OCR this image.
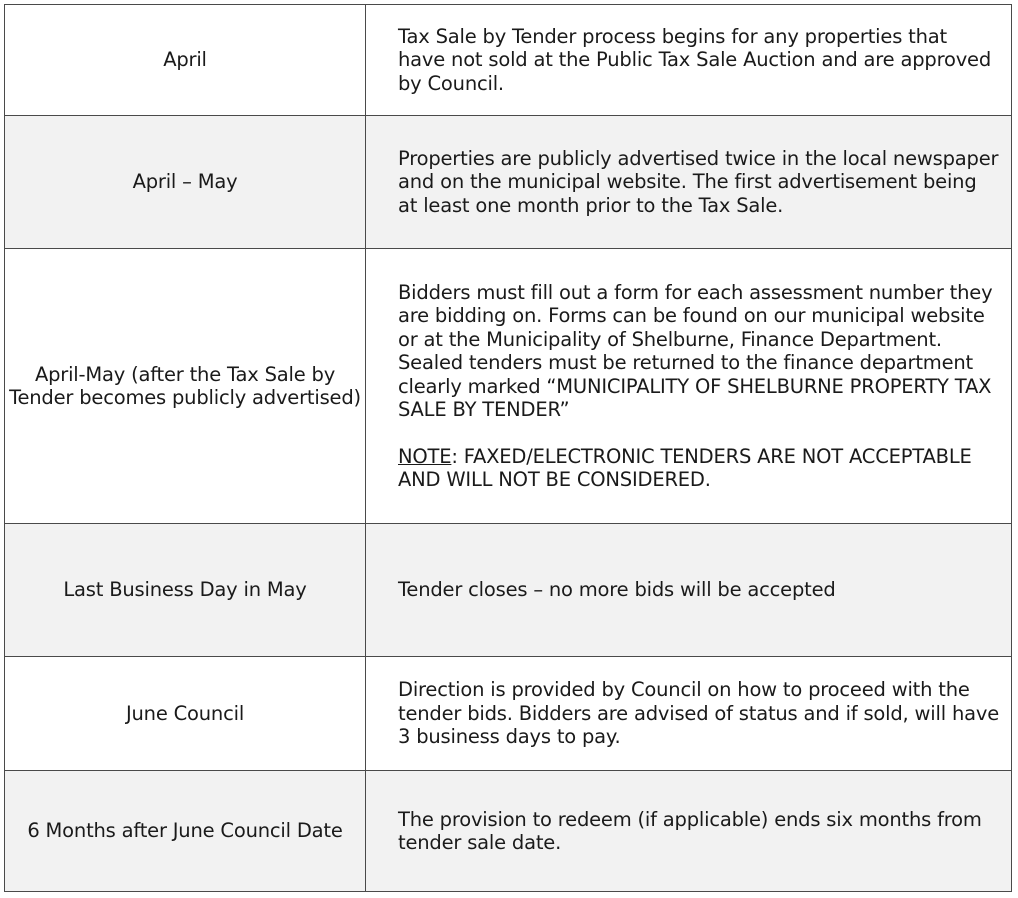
April	Tax Sale by Tender process begins for any properties that have not sold at the Public Tax Sale Auction and are approved by Council.
April – May	Properties are publicly advertised twice in the local newspaper and on the municipal website. The first advertisement being at least one month prior to the Tax Sale.
April-May (after the Tax Sale by Tender becomes publicly advertised)	Bidders must fill out a form for each assessment number they are bidding on. Forms can be found on our municipal website or at the Municipality of Shelburne, Finance Department. Sealed tenders must be returned to the finance department clearly marked “MUNICIPALITY OF SHELBURNE PROPERTY TAX SALE BY TENDER”
NOTE: FAXED/ELECTRONIC TENDERS ARE NOT ACCEPTABLE AND WILL NOT BE CONSIDERED.
Last Business Day in May	Tender closes – no more bids will be accepted
June Council	Direction is provided by Council on how to proceed with the tender bids. Bidders are advised of status and if sold, will have 3 business days to pay.
6 Months after June Council Date	The provision to redeem (if applicable) ends six months from tender sale date.
